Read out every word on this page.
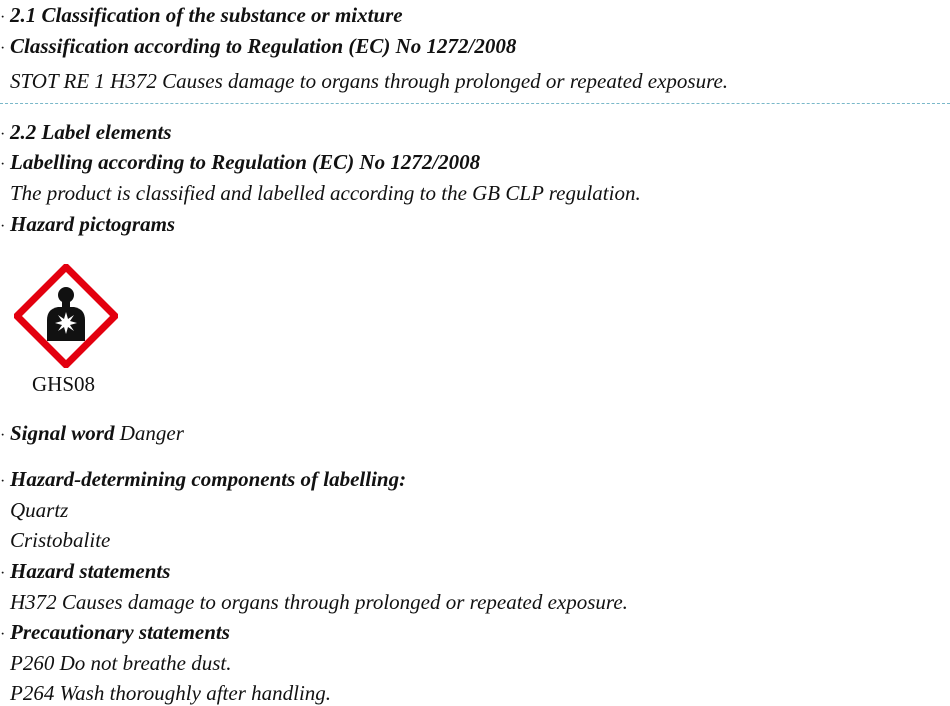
· 2.1 Classification of the substance or mixture
· Classification according to Regulation (EC) No 1272/2008
STOT RE 1 H372 Causes damage to organs through prolonged or repeated exposure.
· 2.2 Label elements
· Labelling according to Regulation (EC) No 1272/2008
The product is classified and labelled according to the GB CLP regulation.
· Hazard pictograms
GHS08
· Signal word Danger
· Hazard-determining components of labelling:
Quartz
Cristobalite
· Hazard statements
H372 Causes damage to organs through prolonged or repeated exposure.
· Precautionary statements
P260 Do not breathe dust.
P264 Wash thoroughly after handling.
